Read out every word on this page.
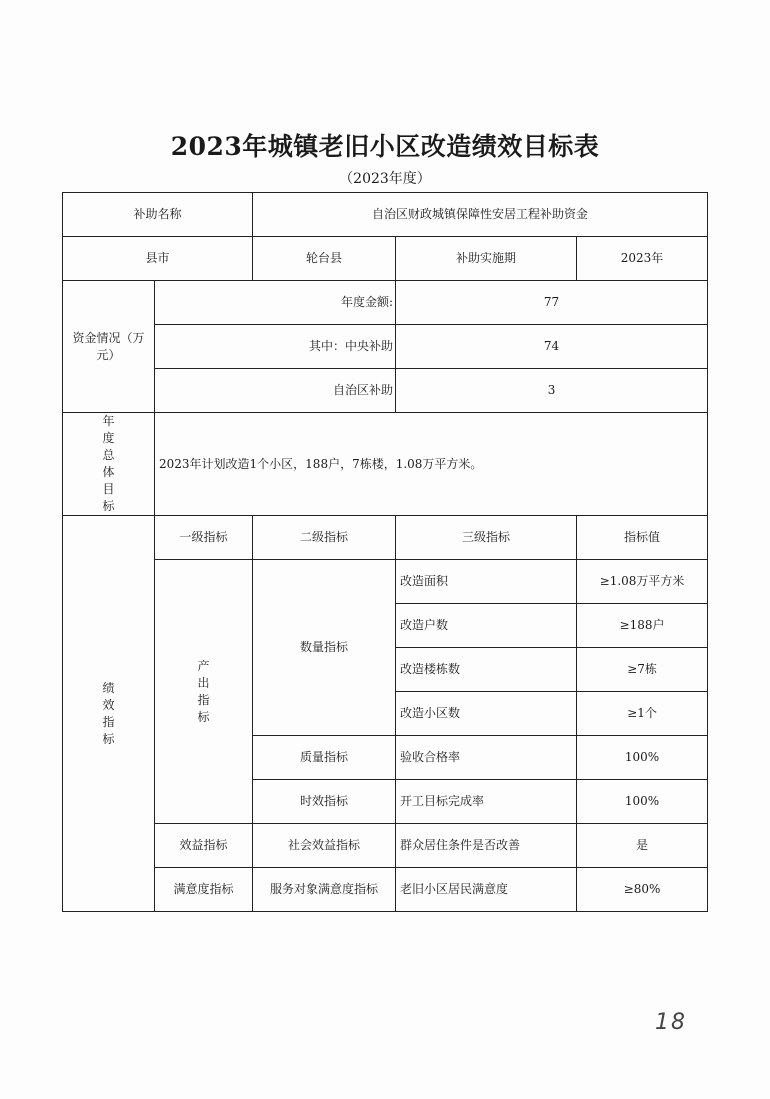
2023年城镇老旧小区改造绩效目标表
（2023年度）
补助名称		自治区财政城镇保障性安居工程补助资金		
县市		轮台县	补助实施期	2023年

资金情况（万元）	年度金额:		77	
	其中：中央补助		74	
	自治区补助		3	

年度总体目标	2023年计划改造1个小区，188户，7栋楼，1.08万平方米。			

绩效指标	一级指标	二级指标	三级指标	指标值

	产出指标	数量指标	改造面积	≥1.08万平方米
			改造户数	≥188户
			改造楼栋数	≥7栋
			改造小区数	≥1个
		质量指标	验收合格率	100%
		时效指标	开工目标完成率	100%
	效益指标	社会效益指标	群众居住条件是否改善	是
	满意度指标	服务对象满意度指标	老旧小区居民满意度	≥80%
18
